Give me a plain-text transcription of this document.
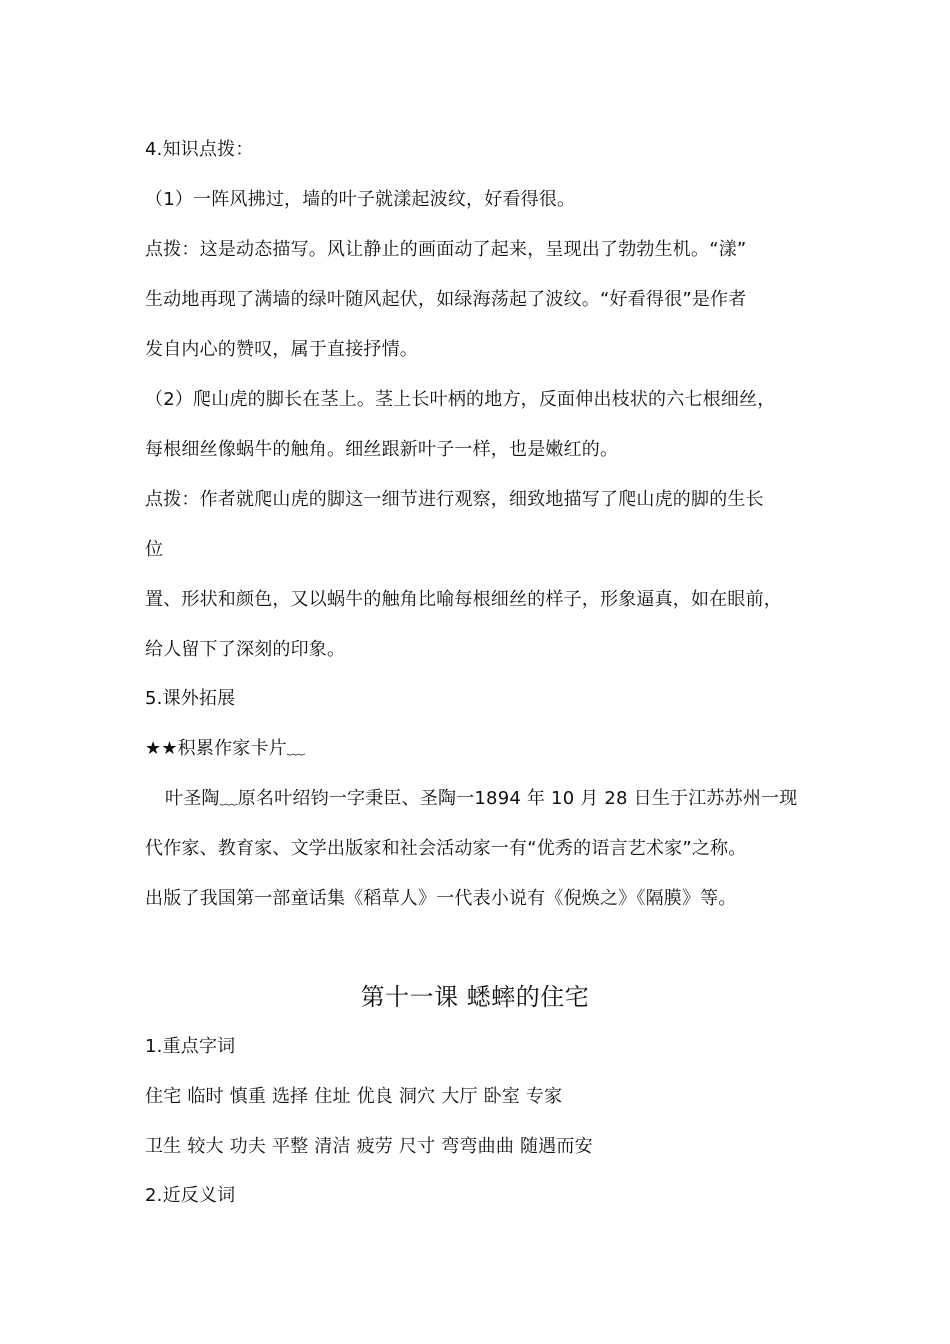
4.知识点拨：
（1）一阵风拂过，墙的叶子就漾起波纹，好看得很。
点拨：这是动态描写。风让静止的画面动了起来，呈现出了勃勃生机。“漾”
生动地再现了满墙的绿叶随风起伏，如绿海荡起了波纹。“好看得很”是作者
发自内心的赞叹，属于直接抒情。
（2）爬山虎的脚长在茎上。茎上长叶柄的地方，反面伸出枝状的六七根细丝，
每根细丝像蜗牛的触角。细丝跟新叶子一样，也是嫩红的。
点拨：作者就爬山虎的脚这一细节进行观察，细致地描写了爬山虎的脚的生长
位
置、形状和颜色，又以蜗牛的触角比喻每根细丝的样子，形象逼真，如在眼前，
给人留下了深刻的印象。
5.课外拓展
★★积累作家卡片﹏
叶圣陶﹏原名叶绍钧一字秉臣、圣陶一1894 年 10 月 28 日生于江苏苏州一现
代作家、教育家、文学出版家和社会活动家一有“优秀的语言艺术家”之称。
出版了我国第一部童话集《稻草人》一代表小说有《倪焕之》《隔膜》等。
第十一课 蟋蟀的住宅
1.重点字词
住宅 临时 慎重 选择 住址 优良 洞穴 大厅 卧室 专家
卫生 较大 功夫 平整 清洁 疲劳 尺寸 弯弯曲曲 随遇而安
2.近反义词
